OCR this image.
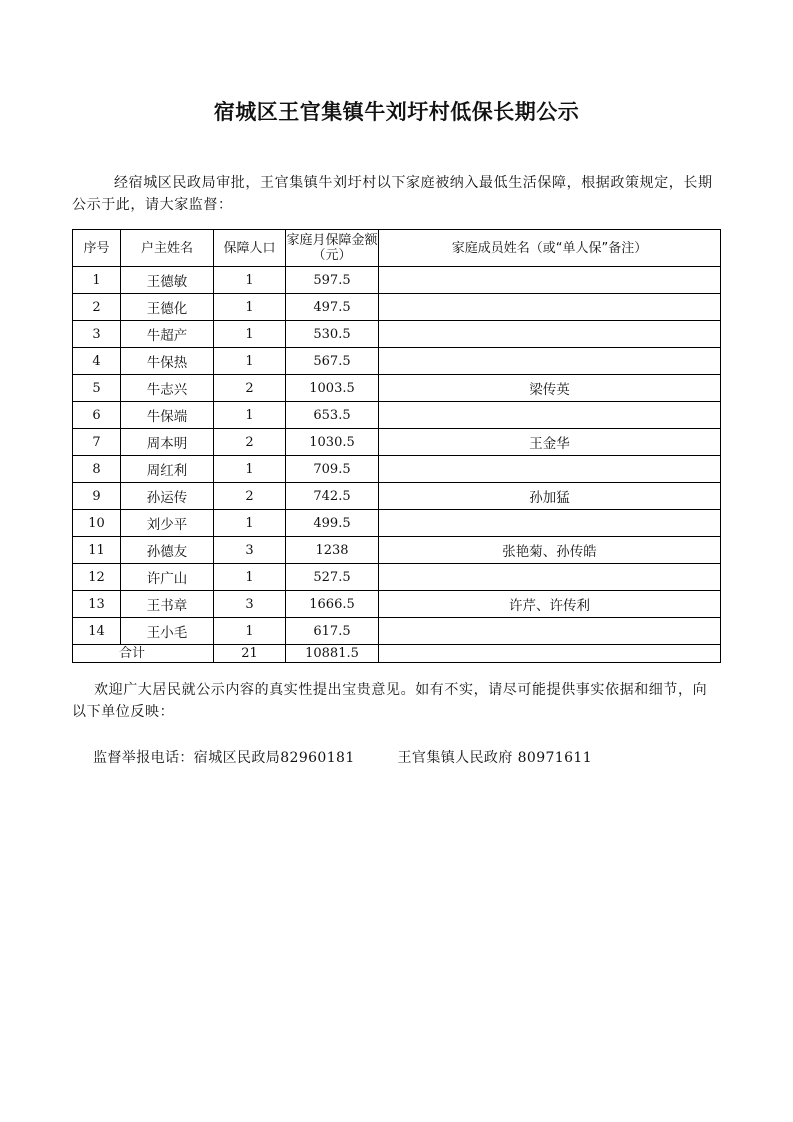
宿城区王官集镇牛刘圩村低保长期公示
经宿城区民政局审批，王官集镇牛刘圩村以下家庭被纳入最低生活保障，根据政策规定，长期公示于此，请大家监督：
序号	户主姓名	保障人口	家庭月保障金额（元）	家庭成员姓名（或“单人保”备注）
1	王德敏	1	597.5	
2	王德化	1	497.5	
3	牛超产	1	530.5	
4	牛保热	1	567.5	
5	牛志兴	2	1003.5	梁传英
6	牛保端	1	653.5	
7	周本明	2	1030.5	王金华
8	周红利	1	709.5	
9	孙运传	2	742.5	孙加猛
10	刘少平	1	499.5	
11	孙德友	3	1238	张艳菊、孙传皓
12	许广山	1	527.5	
13	王书章	3	1666.5	许芹、许传利
14	王小毛	1	617.5	
合计		21	10881.5	
欢迎广大居民就公示内容的真实性提出宝贵意见。如有不实，请尽可能提供事实依据和细节，向以下单位反映：
监督举报电话：宿城区民政局82960181	王官集镇人民政府 80971611
